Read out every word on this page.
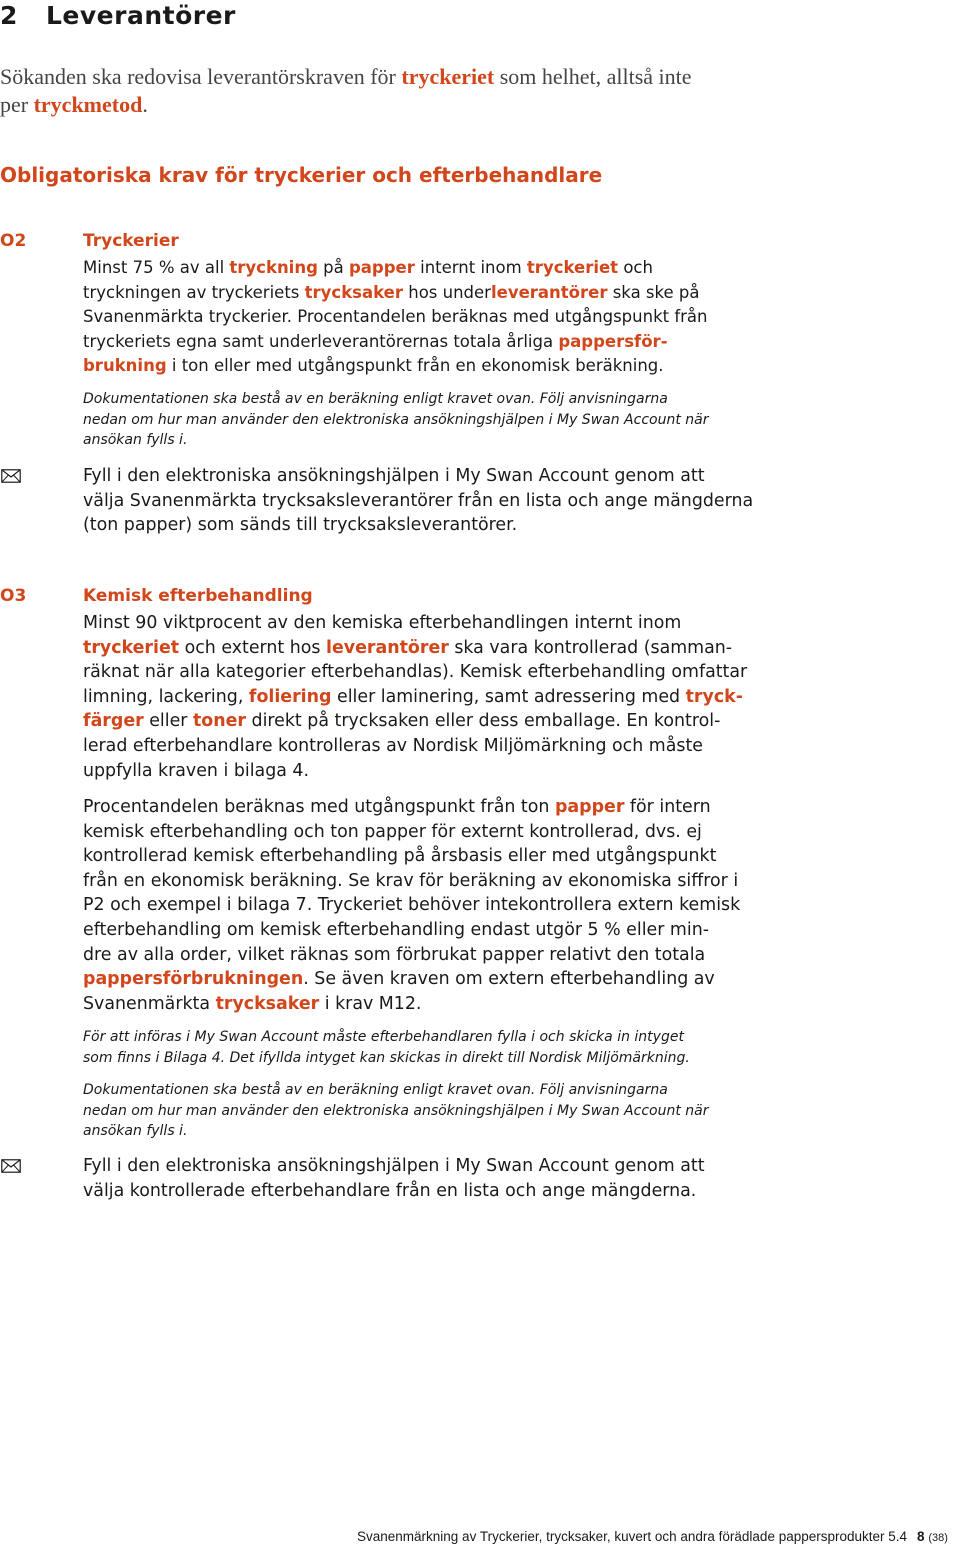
2 Leverantörer
Sökanden ska redovisa leverantörskraven för tryckeriet som helhet, alltså inte
per tryckmetod.
Obligatoriska krav för tryckerier och efterbehandlare
O2	Tryckerier
Minst 75 % av all tryckning på papper internt inom tryckeriet och
tryckningen av tryckeriets trycksaker hos underleverantörer ska ske på
Svanenmärkta tryckerier. Procentandelen beräknas med utgångspunkt från
tryckeriets egna samt underleverantörernas totala årliga pappersför-
brukning i ton eller med utgångspunkt från en ekonomisk beräkning.
Dokumentationen ska bestå av en beräkning enligt kravet ovan. Följ anvisningarna
nedan om hur man använder den elektroniska ansökningshjälpen i My Swan Account när
ansökan fylls i.
Fyll i den elektroniska ansökningshjälpen i My Swan Account genom att
välja Svanenmärkta trycksaksleverantörer från en lista och ange mängderna
(ton papper) som sänds till trycksaksleverantörer.
O3	Kemisk efterbehandling
Minst 90 viktprocent av den kemiska efterbehandlingen internt inom
tryckeriet och externt hos leverantörer ska vara kontrollerad (samman-
räknat när alla kategorier efterbehandlas). Kemisk efterbehandling omfattar
limning, lackering, foliering eller laminering, samt adressering med tryck-
färger eller toner direkt på trycksaken eller dess emballage. En kontrol-
lerad efterbehandlare kontrolleras av Nordisk Miljömärkning och måste
uppfylla kraven i bilaga 4.
Procentandelen beräknas med utgångspunkt från ton papper för intern
kemisk efterbehandling och ton papper för externt kontrollerad, dvs. ej
kontrollerad kemisk efterbehandling på årsbasis eller med utgångspunkt
från en ekonomisk beräkning. Se krav för beräkning av ekonomiska siffror i
P2 och exempel i bilaga 7. Tryckeriet behöver intekontrollera extern kemisk
efterbehandling om kemisk efterbehandling endast utgör 5 % eller min-
dre av alla order, vilket räknas som förbrukat papper relativt den totala
pappersförbrukningen. Se även kraven om extern efterbehandling av
Svanenmärkta trycksaker i krav M12.
För att införas i My Swan Account måste efterbehandlaren fylla i och skicka in intyget
som finns i Bilaga 4. Det ifyllda intyget kan skickas in direkt till Nordisk Miljömärkning.
Dokumentationen ska bestå av en beräkning enligt kravet ovan. Följ anvisningarna
nedan om hur man använder den elektroniska ansökningshjälpen i My Swan Account när
ansökan fylls i.
Fyll i den elektroniska ansökningshjälpen i My Swan Account genom att
välja kontrollerade efterbehandlare från en lista och ange mängderna.
Svanenmärkning av Tryckerier, trycksaker, kuvert och andra förädlade pappersprodukter 5.4 8 (38)
